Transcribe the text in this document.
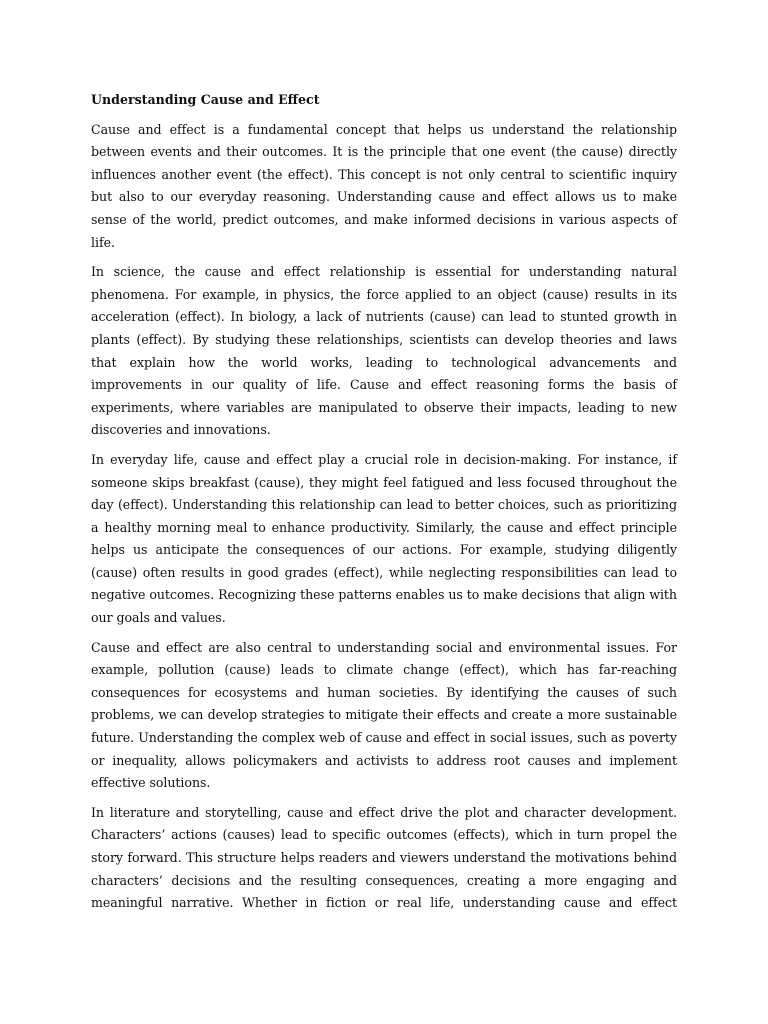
Understanding Cause and Effect

Cause and effect is a fundamental concept that helps us understand the relationship between events and their outcomes. It is the principle that one event (the cause) directly influences another event (the effect). This concept is not only central to scientific inquiry but also to our everyday reasoning. Understanding cause and effect allows us to make sense of the world, predict outcomes, and make informed decisions in various aspects of life.

In science, the cause and effect relationship is essential for understanding natural phenomena. For example, in physics, the force applied to an object (cause) results in its acceleration (effect). In biology, a lack of nutrients (cause) can lead to stunted growth in plants (effect). By studying these relationships, scientists can develop theories and laws that explain how the world works, leading to technological advancements and improvements in our quality of life. Cause and effect reasoning forms the basis of experiments, where variables are manipulated to observe their impacts, leading to new discoveries and innovations.

In everyday life, cause and effect play a crucial role in decision-making. For instance, if someone skips breakfast (cause), they might feel fatigued and less focused throughout the day (effect). Understanding this relationship can lead to better choices, such as prioritizing a healthy morning meal to enhance productivity. Similarly, the cause and effect principle helps us anticipate the consequences of our actions. For example, studying diligently (cause) often results in good grades (effect), while neglecting responsibilities can lead to negative outcomes. Recognizing these patterns enables us to make decisions that align with our goals and values.

Cause and effect are also central to understanding social and environmental issues. For example, pollution (cause) leads to climate change (effect), which has far-reaching consequences for ecosystems and human societies. By identifying the causes of such problems, we can develop strategies to mitigate their effects and create a more sustainable future. Understanding the complex web of cause and effect in social issues, such as poverty or inequality, allows policymakers and activists to address root causes and implement effective solutions.

In literature and storytelling, cause and effect drive the plot and character development. Characters’ actions (causes) lead to specific outcomes (effects), which in turn propel the story forward. This structure helps readers and viewers understand the motivations behind characters’ decisions and the resulting consequences, creating a more engaging and meaningful narrative. Whether in fiction or real life, understanding cause and effect
